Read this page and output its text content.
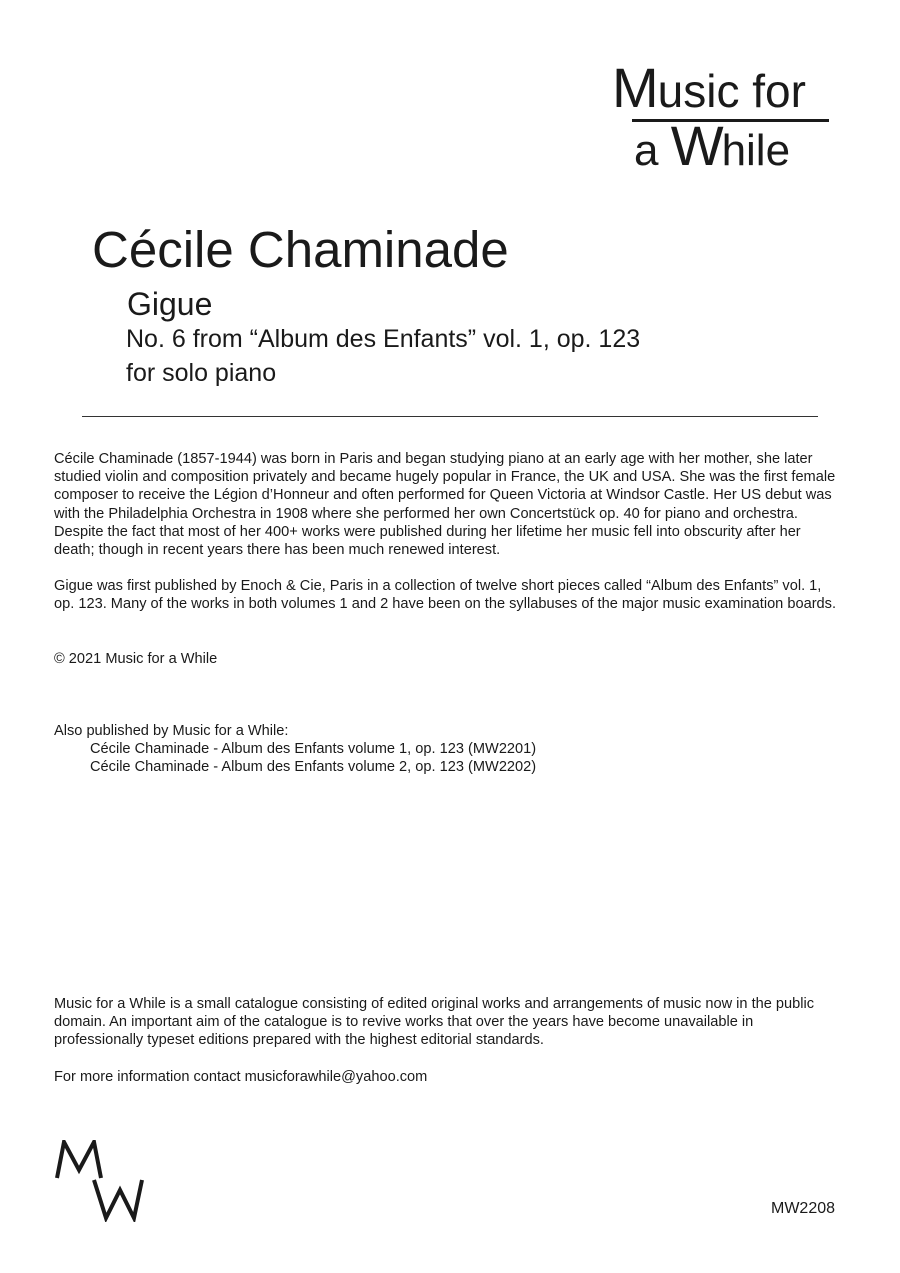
Music for
a While
Cécile Chaminade
Gigue
No. 6 from “Album des Enfants” vol. 1, op. 123
for solo piano

Cécile Chaminade (1857-1944) was born in Paris and began studying piano at an early age with her mother, she later studied violin and composition privately and became hugely popular in France, the UK and USA. She was the first female composer to receive the Légion d’Honneur and often performed for Queen Victoria at Windsor Castle. Her US debut was with the Philadelphia Orchestra in 1908 where she performed her own Concertstück op. 40 for piano and orchestra. Despite the fact that most of her 400+ works were published during her lifetime her music fell into obscurity after her death; though in recent years there has been much renewed interest.

Gigue was first published by Enoch & Cie, Paris in a collection of twelve short pieces called “Album des Enfants” vol. 1, op. 123. Many of the works in both volumes 1 and 2 have been on the syllabuses of the major music examination boards.

© 2021 Music for a While

Also published by Music for a While:
Cécile Chaminade - Album des Enfants volume 1, op. 123 (MW2201)
Cécile Chaminade - Album des Enfants volume 2, op. 123 (MW2202)

Music for a While is a small catalogue consisting of edited original works and arrangements of music now in the public domain. An important aim of the catalogue is to revive works that over the years have become unavailable in professionally typeset editions prepared with the highest editorial standards.

For more information contact musicforawhile@yahoo.com

MW2208
